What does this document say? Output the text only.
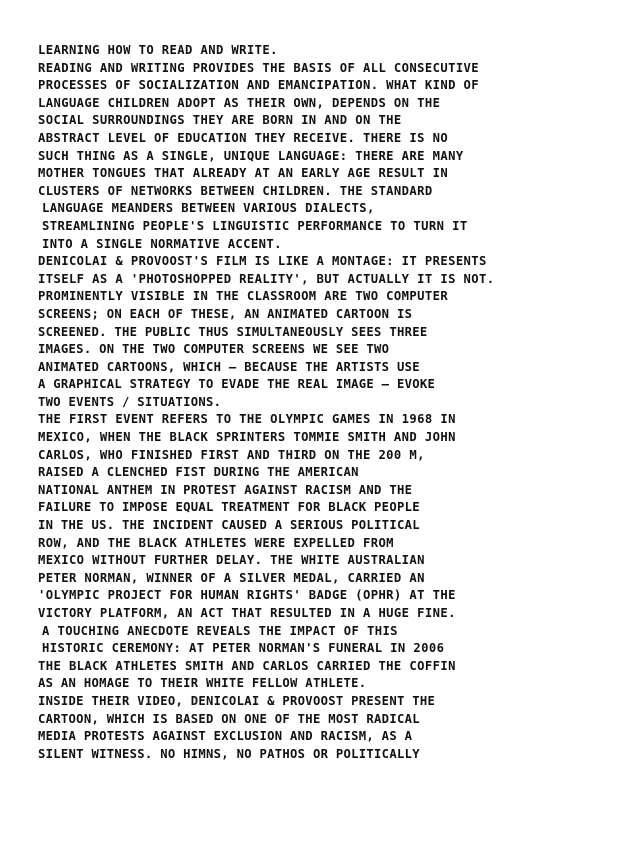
LEARNING HOW TO READ AND WRITE.
READING AND WRITING PROVIDES THE BASIS OF ALL CONSECUTIVE
PROCESSES OF SOCIALIZATION AND EMANCIPATION. WHAT KIND OF
LANGUAGE CHILDREN ADOPT AS THEIR OWN, DEPENDS ON THE
SOCIAL SURROUNDINGS THEY ARE BORN IN AND ON THE
ABSTRACT LEVEL OF EDUCATION THEY RECEIVE. THERE IS NO
SUCH THING AS A SINGLE, UNIQUE LANGUAGE: THERE ARE MANY
MOTHER TONGUES THAT ALREADY AT AN EARLY AGE RESULT IN
CLUSTERS OF NETWORKS BETWEEN CHILDREN. THE STANDARD
LANGUAGE MEANDERS BETWEEN VARIOUS DIALECTS,
STREAMLINING PEOPLE'S LINGUISTIC PERFORMANCE TO TURN IT
INTO A SINGLE NORMATIVE ACCENT.
DENICOLAI & PROVOOST'S FILM IS LIKE A MONTAGE: IT PRESENTS
ITSELF AS A 'PHOTOSHOPPED REALITY', BUT ACTUALLY IT IS NOT.
PROMINENTLY VISIBLE IN THE CLASSROOM ARE TWO COMPUTER
SCREENS; ON EACH OF THESE, AN ANIMATED CARTOON IS
SCREENED. THE PUBLIC THUS SIMULTANEOUSLY SEES THREE
IMAGES. ON THE TWO COMPUTER SCREENS WE SEE TWO
ANIMATED CARTOONS, WHICH — BECAUSE THE ARTISTS USE
A GRAPHICAL STRATEGY TO EVADE THE REAL IMAGE — EVOKE
TWO EVENTS / SITUATIONS.
THE FIRST EVENT REFERS TO THE OLYMPIC GAMES IN 1968 IN
MEXICO, WHEN THE BLACK SPRINTERS TOMMIE SMITH AND JOHN
CARLOS, WHO FINISHED FIRST AND THIRD ON THE 200 M,
RAISED A CLENCHED FIST DURING THE AMERICAN
NATIONAL ANTHEM IN PROTEST AGAINST RACISM AND THE
FAILURE TO IMPOSE EQUAL TREATMENT FOR BLACK PEOPLE
IN THE US. THE INCIDENT CAUSED A SERIOUS POLITICAL
ROW, AND THE BLACK ATHLETES WERE EXPELLED FROM
MEXICO WITHOUT FURTHER DELAY. THE WHITE AUSTRALIAN
PETER NORMAN, WINNER OF A SILVER MEDAL, CARRIED AN
'OLYMPIC PROJECT FOR HUMAN RIGHTS' BADGE (OPHR) AT THE
VICTORY PLATFORM, AN ACT THAT RESULTED IN A HUGE FINE.
A TOUCHING ANECDOTE REVEALS THE IMPACT OF THIS
HISTORIC CEREMONY: AT PETER NORMAN'S FUNERAL IN 2006
THE BLACK ATHLETES SMITH AND CARLOS CARRIED THE COFFIN
AS AN HOMAGE TO THEIR WHITE FELLOW ATHLETE.
INSIDE THEIR VIDEO, DENICOLAI & PROVOOST PRESENT THE
CARTOON, WHICH IS BASED ON ONE OF THE MOST RADICAL
MEDIA PROTESTS AGAINST EXCLUSION AND RACISM, AS A
SILENT WITNESS. NO HIMNS, NO PATHOS OR POLITICALLY
